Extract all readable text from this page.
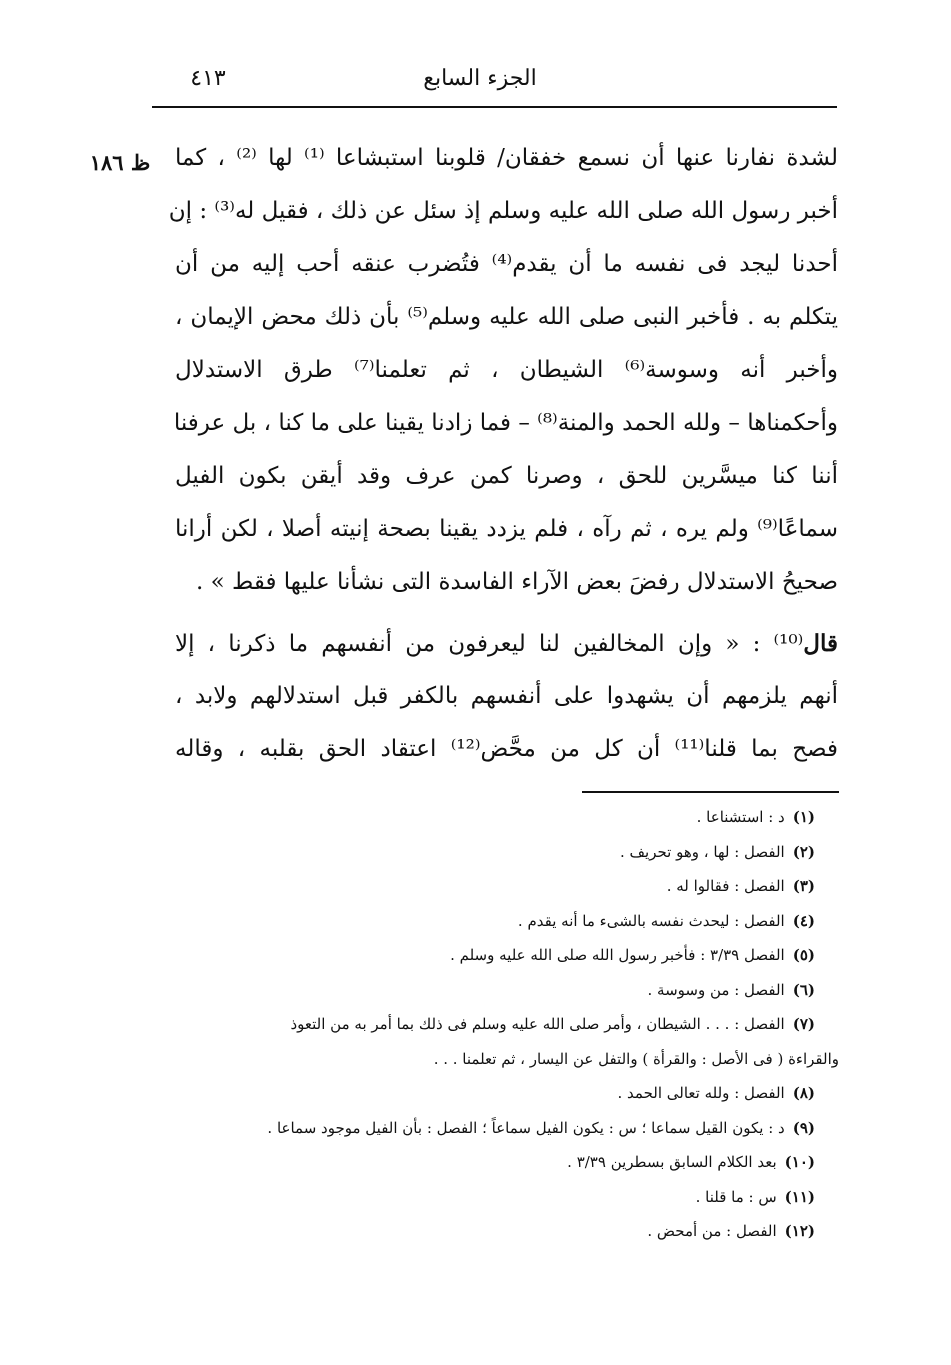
٤١٣	الجزء السابع
ظ ١٨٦	لشدة نفارنا عنها أن نسمع خفقان/ قلوبنا استبشاعا ⁽¹⁾ لها ⁽²⁾ ، كما
أخبر رسول الله صلى الله عليه وسلم إذ سئل عن ذلك ، فقيل له⁽³⁾ : إن
أحدنا ليجد فى نفسه ما أن يقدم⁽⁴⁾ فتُضرب عنقه أحب إليه من أن
يتكلم به . فأخبر النبى صلى الله عليه وسلم⁽⁵⁾ بأن ذلك محض الإيمان ،
وأخبر أنه وسوسة⁽⁶⁾ الشيطان ، ثم تعلمنا⁽⁷⁾ طرق الاستدلال
وأحكمناها – ولله الحمد والمنة⁽⁸⁾ – فما زادنا يقينا على ما كنا ، بل عرفنا
أننا كنا ميسَّرين للحق ، وصرنا كمن عرف وقد أيقن بكون الفيل
سماعًا⁽⁹⁾ ولم يره ، ثم رآه ، فلم يزدد يقينا بصحة إنيته أصلا ، لكن أرانا
صحيحُ الاستدلال رفضَ بعض الآراء الفاسدة التى نشأنا عليها فقط » .
قال⁽¹⁰⁾ : « وإن المخالفين لنا ليعرفون من أنفسهم ما ذكرنا ، إلا
أنهم يلزمهم أن يشهدوا على أنفسهم بالكفر قبل استدلالهم ولابد ،
فصح بما قلنا⁽¹¹⁾ أن كل من محَّض⁽¹²⁾ اعتقاد الحق بقلبه ، وقاله
(١)د : استشناعا .
(٢)الفصل : لها ، وهو تحريف .
(٣)الفصل : فقالوا له .
(٤)الفصل : ليحدث نفسه بالشىء ما أنه يقدم .
(٥)الفصل ٣/٣٩ : فأخبر رسول الله صلى الله عليه وسلم .
(٦)الفصل : من وسوسة .
(٧)الفصل : . . . الشيطان ، وأمر صلى الله عليه وسلم فى ذلك بما أمر به من التعوذ
والقراءة ( فى الأصل : والقرأة ) والتفل عن اليسار ، ثم تعلمنا . . .
(٨)الفصل : ولله تعالى الحمد .
(٩)د : يكون القيل سماعا ؛ س : يكون الفيل سماعاً ؛ الفصل : بأن الفيل موجود سماعا .
(١٠)بعد الكلام السابق بسطرين ٣/٣٩ .
(١١)س : ما قلنا .
(١٢)الفصل : من أمحض .
